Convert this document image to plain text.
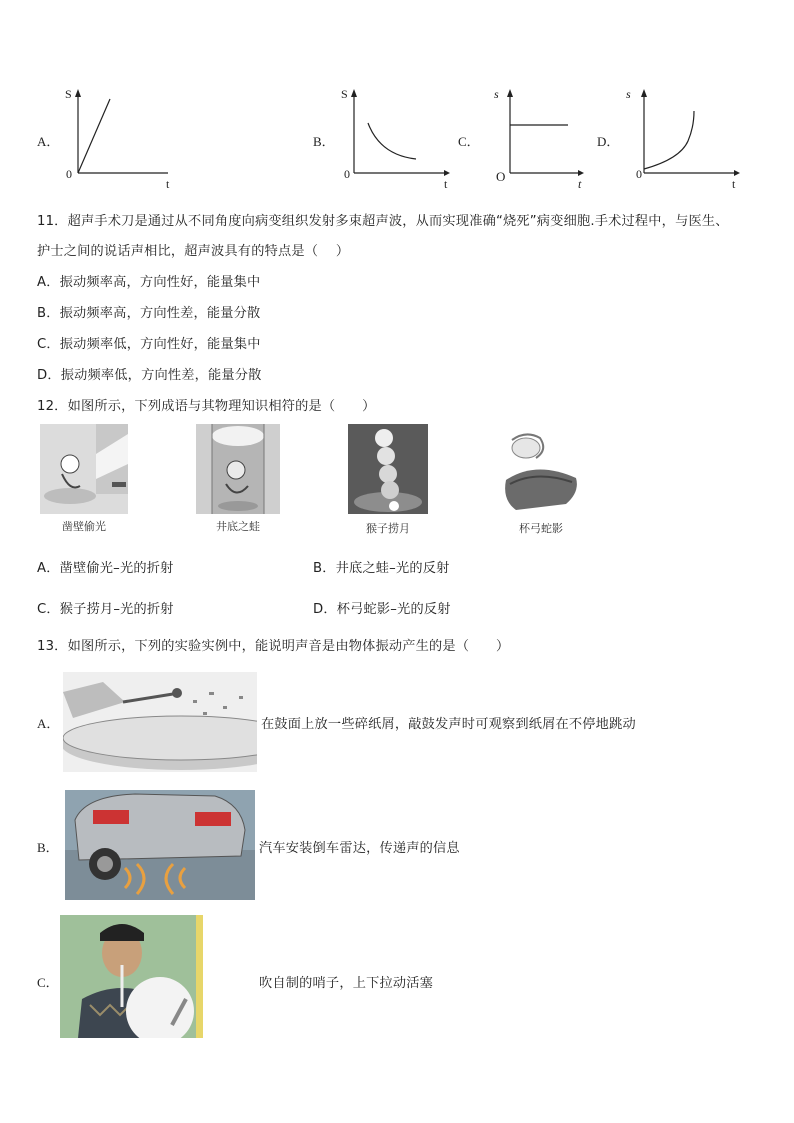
A．
S
0
t
B．
S
0
t
C．
s
O	t
D．
s
0
t
11．超声手术刀是通过从不同角度向病变组织发射多束超声波，从而实现准确“烧死”病变细胞.手术过程中，与医生、
护士之间的说话声相比，超声波具有的特点是（　 ）
A．振动频率高，方向性好，能量集中
B．振动频率高，方向性差，能量分散
C．振动频率低，方向性好，能量集中
D．振动频率低，方向性差，能量分散
12．如图所示，下列成语与其物理知识相符的是（　　）
凿壁偷光	井底之蛙	猴子捞月	杯弓蛇影
A．凿壁偷光–光的折射	B．井底之蛙–光的反射
C．猴子捞月–光的折射	D．杯弓蛇影–光的反射
13．如图所示，下列的实验实例中，能说明声音是由物体振动产生的是（　　）
A．	在鼓面上放一些碎纸屑，敲鼓发声时可观察到纸屑在不停地跳动
B．	汽车安装倒车雷达，传递声的信息
C．	吹自制的哨子，上下拉动活塞
